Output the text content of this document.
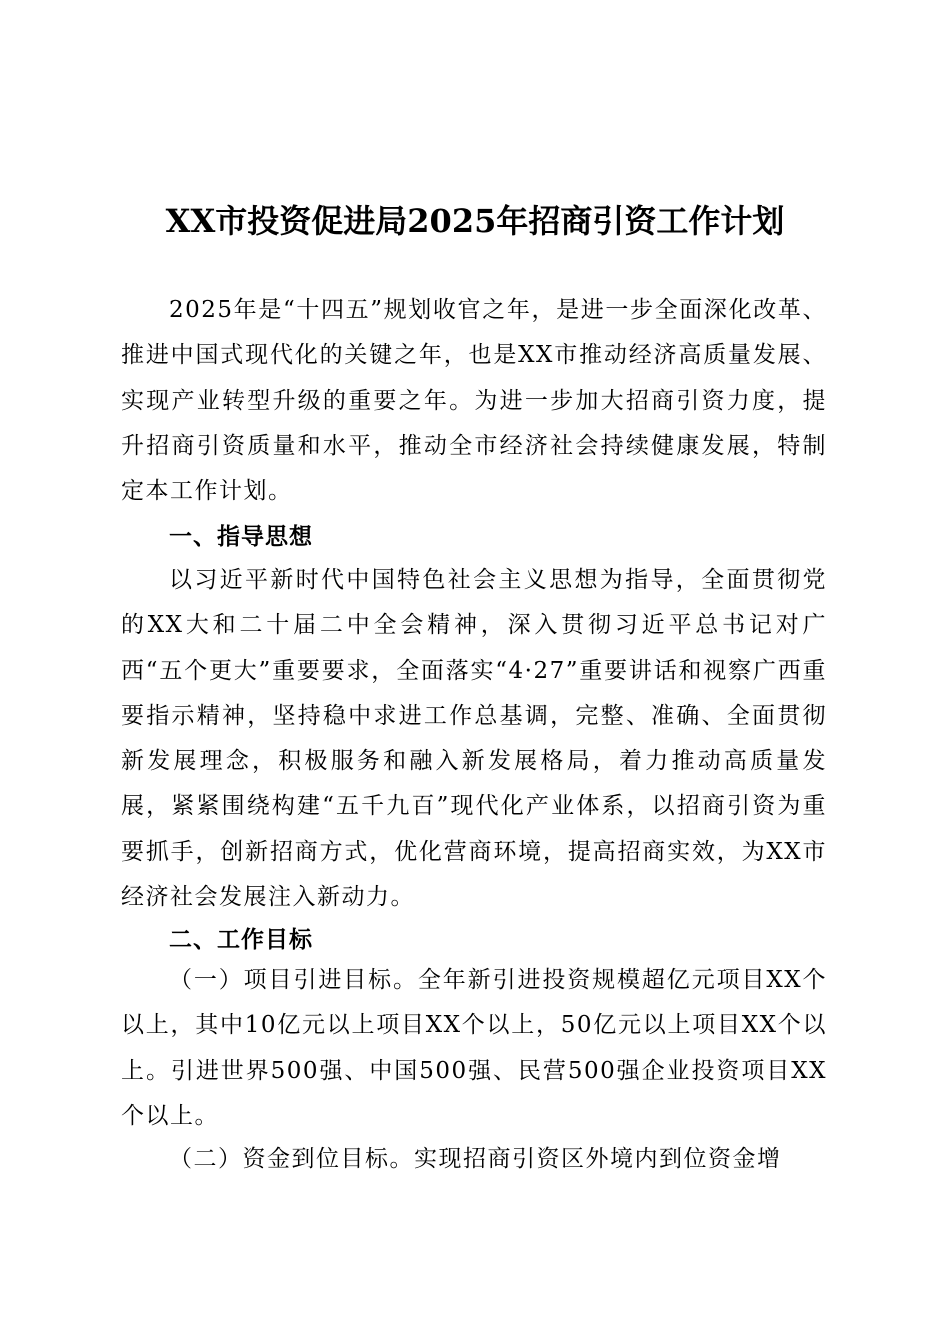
XX市投资促进局2025年招商引资工作计划

2025年是“十四五”规划收官之年，是进一步全面深化改革、推进中国式现代化的关键之年，也是XX市推动经济高质量发展、实现产业转型升级的重要之年。为进一步加大招商引资力度，提升招商引资质量和水平，推动全市经济社会持续健康发展，特制定本工作计划。

一、指导思想

以习近平新时代中国特色社会主义思想为指导，全面贯彻党的XX大和二十届二中全会精神，深入贯彻习近平总书记对广西“五个更大”重要要求，全面落实“4·27”重要讲话和视察广西重要指示精神，坚持稳中求进工作总基调，完整、准确、全面贯彻新发展理念，积极服务和融入新发展格局，着力推动高质量发展，紧紧围绕构建“五千九百”现代化产业体系，以招商引资为重要抓手，创新招商方式，优化营商环境，提高招商实效，为XX市经济社会发展注入新动力。

二、工作目标

（一）项目引进目标。全年新引进投资规模超亿元项目XX个以上，其中10亿元以上项目XX个以上，50亿元以上项目XX个以上。引进世界500强、中国500强、民营500强企业投资项目XX个以上。

（二）资金到位目标。实现招商引资区外境内到位资金增
